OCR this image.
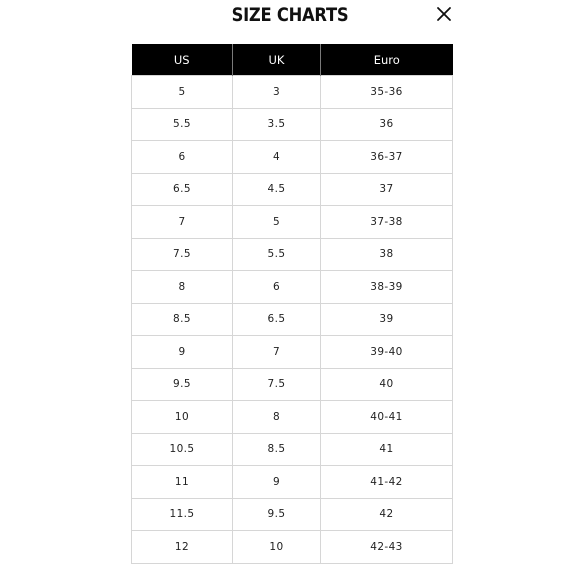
SIZE CHARTS
US	UK	Euro
5	3	35-36
5.5	3.5	36
6	4	36-37
6.5	4.5	37
7	5	37-38
7.5	5.5	38
8	6	38-39
8.5	6.5	39
9	7	39-40
9.5	7.5	40
10	8	40-41
10.5	8.5	41
11	9	41-42
11.5	9.5	42
12	10	42-43
